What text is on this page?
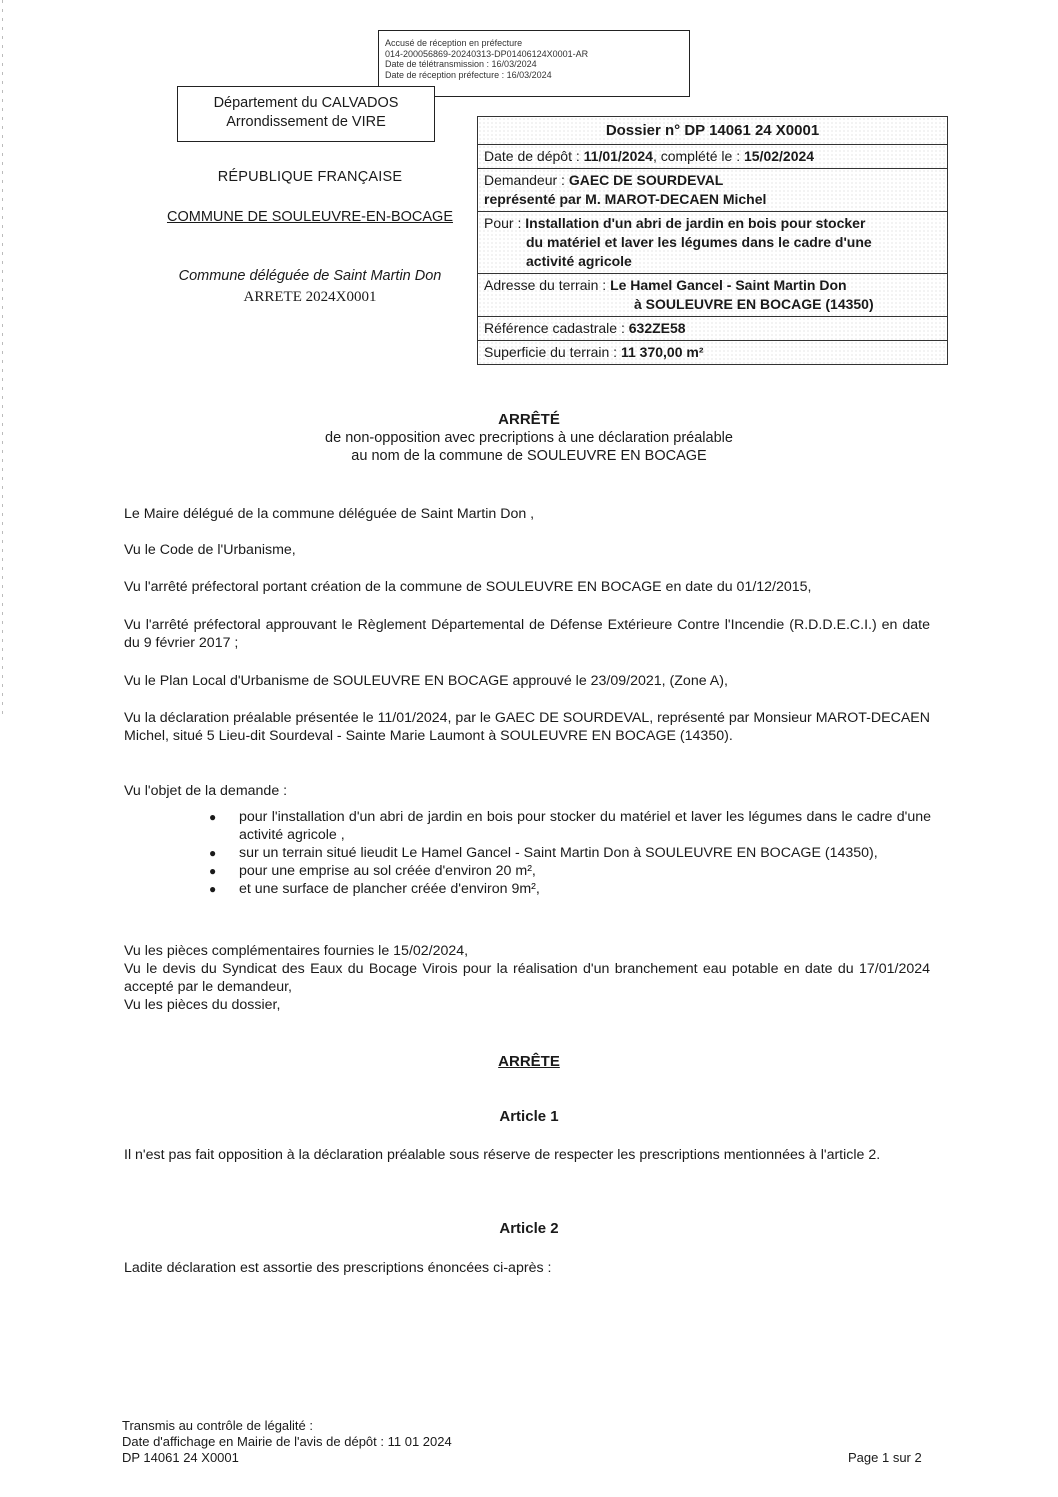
Accusé de réception en préfecture
014-200056869-20240313-DP01406124X0001-AR
Date de télétransmission : 16/03/2024
Date de réception préfecture : 16/03/2024
Département du CALVADOS
Arrondissement de VIRE
RÉPUBLIQUE FRANÇAISE
COMMUNE DE SOULEUVRE-EN-BOCAGE
Commune déléguée de Saint Martin Don
ARRETE 2024X0001
Dossier n° DP 14061 24 X0001
Date de dépôt : 11/01/2024, complété le : 15/02/2024
Demandeur : GAEC DE SOURDEVAL
représenté par M. MAROT-DECAEN Michel
Pour : Installation d'un abri de jardin en bois pour stocker
du matériel et laver les légumes dans le cadre d'une
activité agricole
Adresse du terrain : Le Hamel Gancel - Saint Martin Don
à SOULEUVRE EN BOCAGE (14350)
Référence cadastrale : 632ZE58
Superficie du terrain : 11 370,00 m²
ARRÊTÉ
de non-opposition avec precriptions à une déclaration préalable
au nom de la commune de SOULEUVRE EN BOCAGE
Le Maire délégué de la commune déléguée de Saint Martin Don ,
Vu le Code de l'Urbanisme,
Vu l'arrêté préfectoral portant création de la commune de SOULEUVRE EN BOCAGE en date du 01/12/2015,
Vu l'arrêté préfectoral approuvant le Règlement Départemental de Défense Extérieure Contre l'Incendie (R.D.D.E.C.I.) en date du 9 février 2017 ;
Vu le Plan Local d'Urbanisme de SOULEUVRE EN BOCAGE approuvé le 23/09/2021, (Zone A),
Vu la déclaration préalable présentée le 11/01/2024, par le GAEC DE SOURDEVAL, représenté par Monsieur MAROT-DECAEN Michel, situé 5 Lieu-dit Sourdeval - Sainte Marie Laumont à SOULEUVRE EN BOCAGE (14350).
Vu l'objet de la demande :
● pour l'installation d'un abri de jardin en bois pour stocker du matériel et laver les légumes dans le cadre d'une activité agricole ,
● sur un terrain situé lieudit Le Hamel Gancel - Saint Martin Don à SOULEUVRE EN BOCAGE (14350),
● pour une emprise au sol créée d'environ 20 m²,
● et une surface de plancher créée d'environ 9m²,
Vu les pièces complémentaires fournies le 15/02/2024,
Vu le devis du Syndicat des Eaux du Bocage Virois pour la réalisation d'un branchement eau potable en date du 17/01/2024 accepté par le demandeur,
Vu les pièces du dossier,
ARRÊTE
Article 1
Il n'est pas fait opposition à la déclaration préalable sous réserve de respecter les prescriptions mentionnées à l'article 2.
Article 2
Ladite déclaration est assortie des prescriptions énoncées ci-après :
Transmis au contrôle de légalité :
Date d'affichage en Mairie de l'avis de dépôt : 11 01 2024
DP 14061 24 X0001	Page 1 sur 2
